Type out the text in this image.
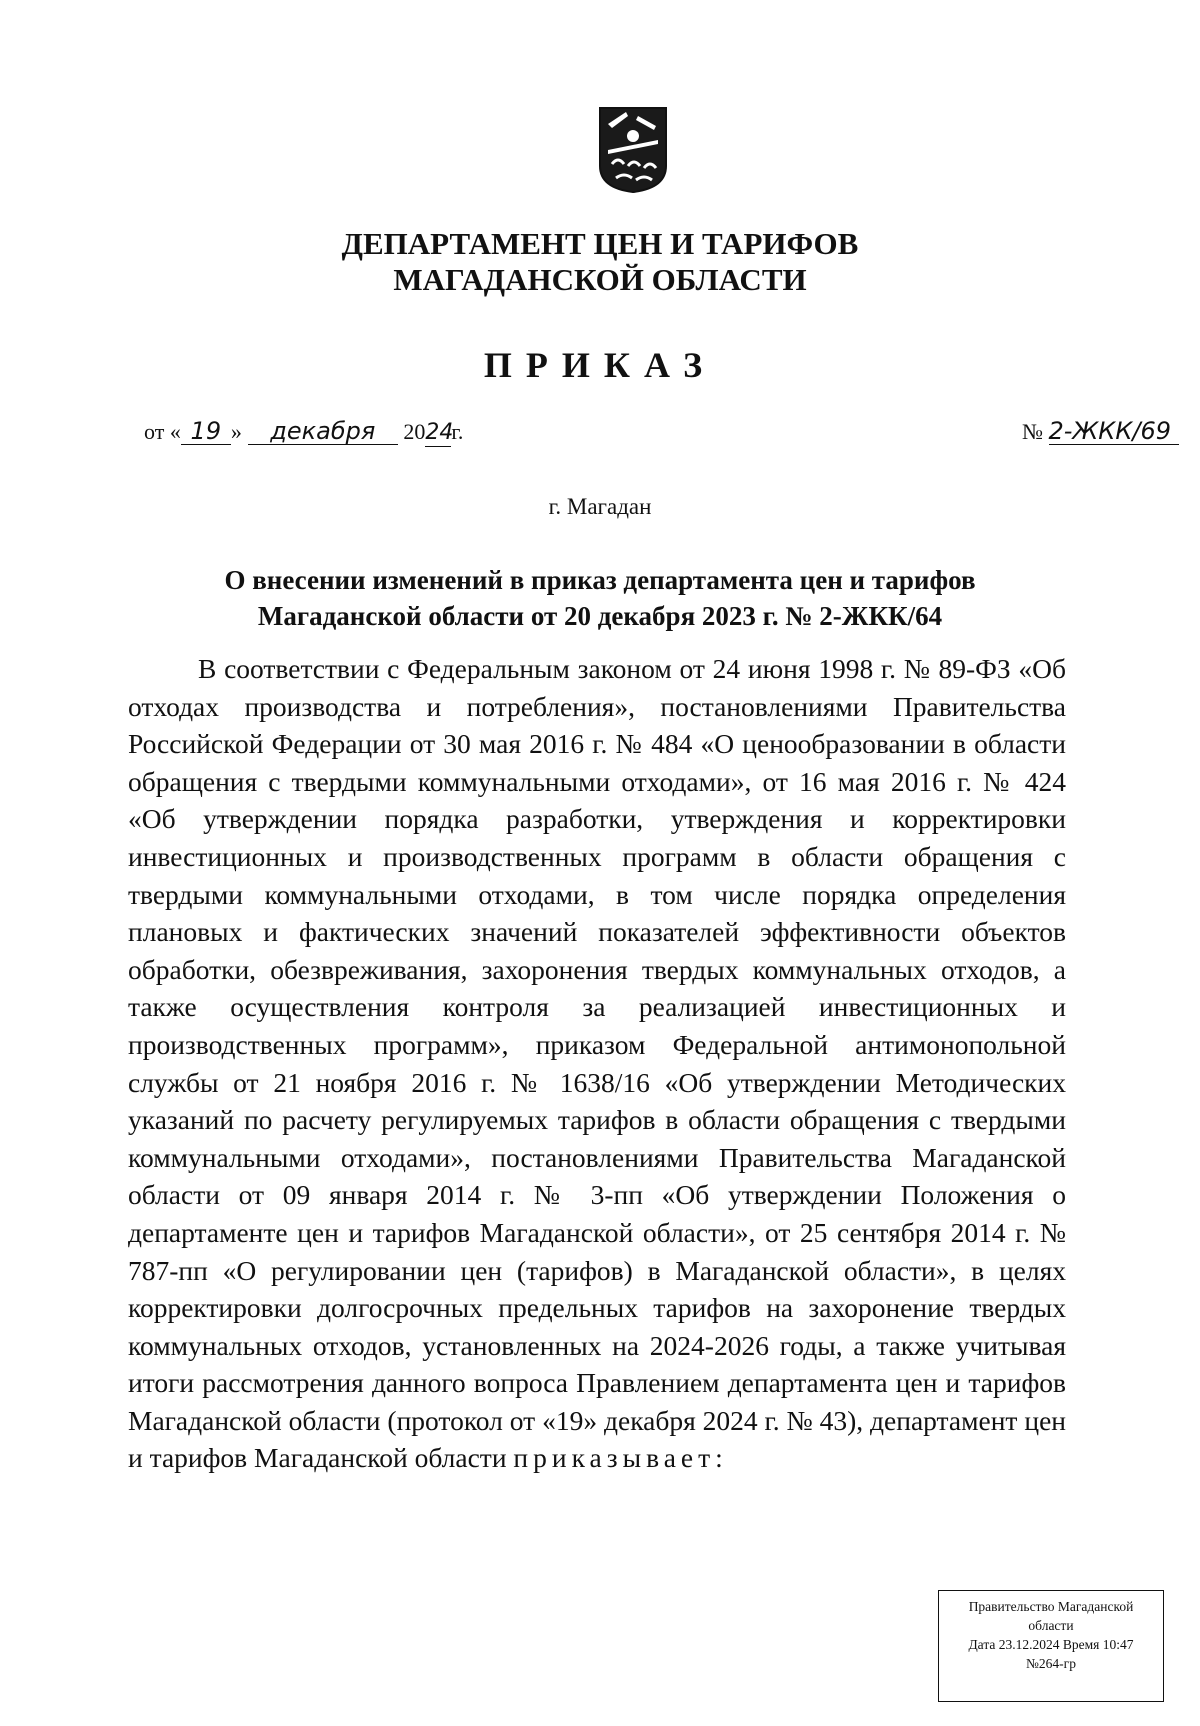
ДЕПАРТАМЕНТ ЦЕН И ТАРИФОВ
МАГАДАНСКОЙ ОБЛАСТИ
ПРИКАЗ
от « 19 » декабря 2024г.	№ 2-ЖКК/69
г. Магадан
О внесении изменений в приказ департамента цен и тарифов
Магаданской области от 20 декабря 2023 г. № 2-ЖКК/64

В соответствии с Федеральным законом от 24 июня 1998 г. № 89-ФЗ «Об отходах производства и потребления», постановлениями Правительства Российской Федерации от 30 мая 2016 г. № 484 «О ценообразовании в области обращения с твердыми коммунальными отходами», от 16 мая 2016 г. № 424 «Об утверждении порядка разработки, утверждения и корректировки инвестиционных и производственных программ в области обращения с твердыми коммунальными отходами, в том числе порядка определения плановых и фактических значений показателей эффективности объектов обработки, обезвреживания, захоронения твердых коммунальных отходов, а также осуществления контроля за реализацией инвестиционных и производственных программ», приказом Федеральной антимонопольной службы от 21 ноября 2016 г. № 1638/16 «Об утверждении Методических указаний по расчету регулируемых тарифов в области обращения с твердыми коммунальными отходами», постановлениями Правительства Магаданской области от 09 января 2014 г. № 3-пп «Об утверждении Положения о департаменте цен и тарифов Магаданской области», от 25 сентября 2014 г. № 787-пп «О регулировании цен (тарифов) в Магаданской области», в целях корректировки долгосрочных предельных тарифов на захоронение твердых коммунальных отходов, установленных на 2024-2026 годы, а также учитывая итоги рассмотрения данного вопроса Правлением департамента цен и тарифов Магаданской области (протокол от «19» декабря 2024 г. № 43), департамент цен и тарифов Магаданской области приказывает:

Правительство Магаданской
области
Дата 23.12.2024 Время 10:47
№264-гр
